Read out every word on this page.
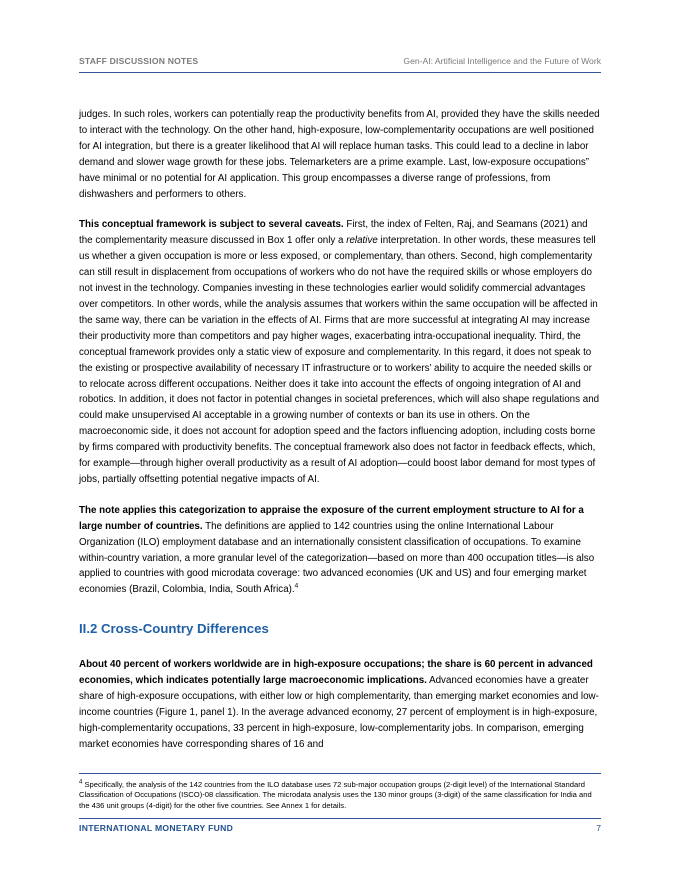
STAFF DISCUSSION NOTES	Gen-AI: Artificial Intelligence and the Future of Work

judges. In such roles, workers can potentially reap the productivity benefits from AI, provided they have the skills needed to interact with the technology. On the other hand, high-exposure, low-complementarity occupations are well positioned for AI integration, but there is a greater likelihood that AI will replace human tasks. This could lead to a decline in labor demand and slower wage growth for these jobs. Telemarketers are a prime example. Last, low-exposure occupations” have minimal or no potential for AI application. This group encompasses a diverse range of professions, from dishwashers and performers to others.

This conceptual framework is subject to several caveats. First, the index of Felten, Raj, and Seamans (2021) and the complementarity measure discussed in Box 1 offer only a relative interpretation. In other words, these measures tell us whether a given occupation is more or less exposed, or complementary, than others. Second, high complementarity can still result in displacement from occupations of workers who do not have the required skills or whose employers do not invest in the technology. Companies investing in these technologies earlier would solidify commercial advantages over competitors. In other words, while the analysis assumes that workers within the same occupation will be affected in the same way, there can be variation in the effects of AI. Firms that are more successful at integrating AI may increase their productivity more than competitors and pay higher wages, exacerbating intra-occupational inequality. Third, the conceptual framework provides only a static view of exposure and complementarity. In this regard, it does not speak to the existing or prospective availability of necessary IT infrastructure or to workers’ ability to acquire the needed skills or to relocate across different occupations. Neither does it take into account the effects of ongoing integration of AI and robotics. In addition, it does not factor in potential changes in societal preferences, which will also shape regulations and could make unsupervised AI acceptable in a growing number of contexts or ban its use in others. On the macroeconomic side, it does not account for adoption speed and the factors influencing adoption, including costs borne by firms compared with productivity benefits. The conceptual framework also does not factor in feedback effects, which, for example—through higher overall productivity as a result of AI adoption—could boost labor demand for most types of jobs, partially offsetting potential negative impacts of AI.

The note applies this categorization to appraise the exposure of the current employment structure to AI for a large number of countries. The definitions are applied to 142 countries using the online International Labour Organization (ILO) employment database and an internationally consistent classification of occupations. To examine within-country variation, a more granular level of the categorization—based on more than 400 occupation titles—is also applied to countries with good microdata coverage: two advanced economies (UK and US) and four emerging market economies (Brazil, Colombia, India, South Africa).$^4$

II.2 Cross-Country Differences

About 40 percent of workers worldwide are in high-exposure occupations; the share is 60 percent in advanced economies, which indicates potentially large macroeconomic implications. Advanced economies have a greater share of high-exposure occupations, with either low or high complementarity, than emerging market economies and low-income countries (Figure 1, panel 1). In the average advanced economy, 27 percent of employment is in high-exposure, high-complementarity occupations, 33 percent in high-exposure, low-complementarity jobs. In comparison, emerging market economies have corresponding shares of 16 and

$^4$ Specifically, the analysis of the 142 countries from the ILO database uses 72 sub-major occupation groups (2-digit level) of the International Standard Classification of Occupations (ISCO)-08 classification. The microdata analysis uses the 130 minor groups (3-digit) of the same classification for India and the 436 unit groups (4-digit) for the other five countries. See Annex 1 for details.
INTERNATIONAL MONETARY FUND	7
